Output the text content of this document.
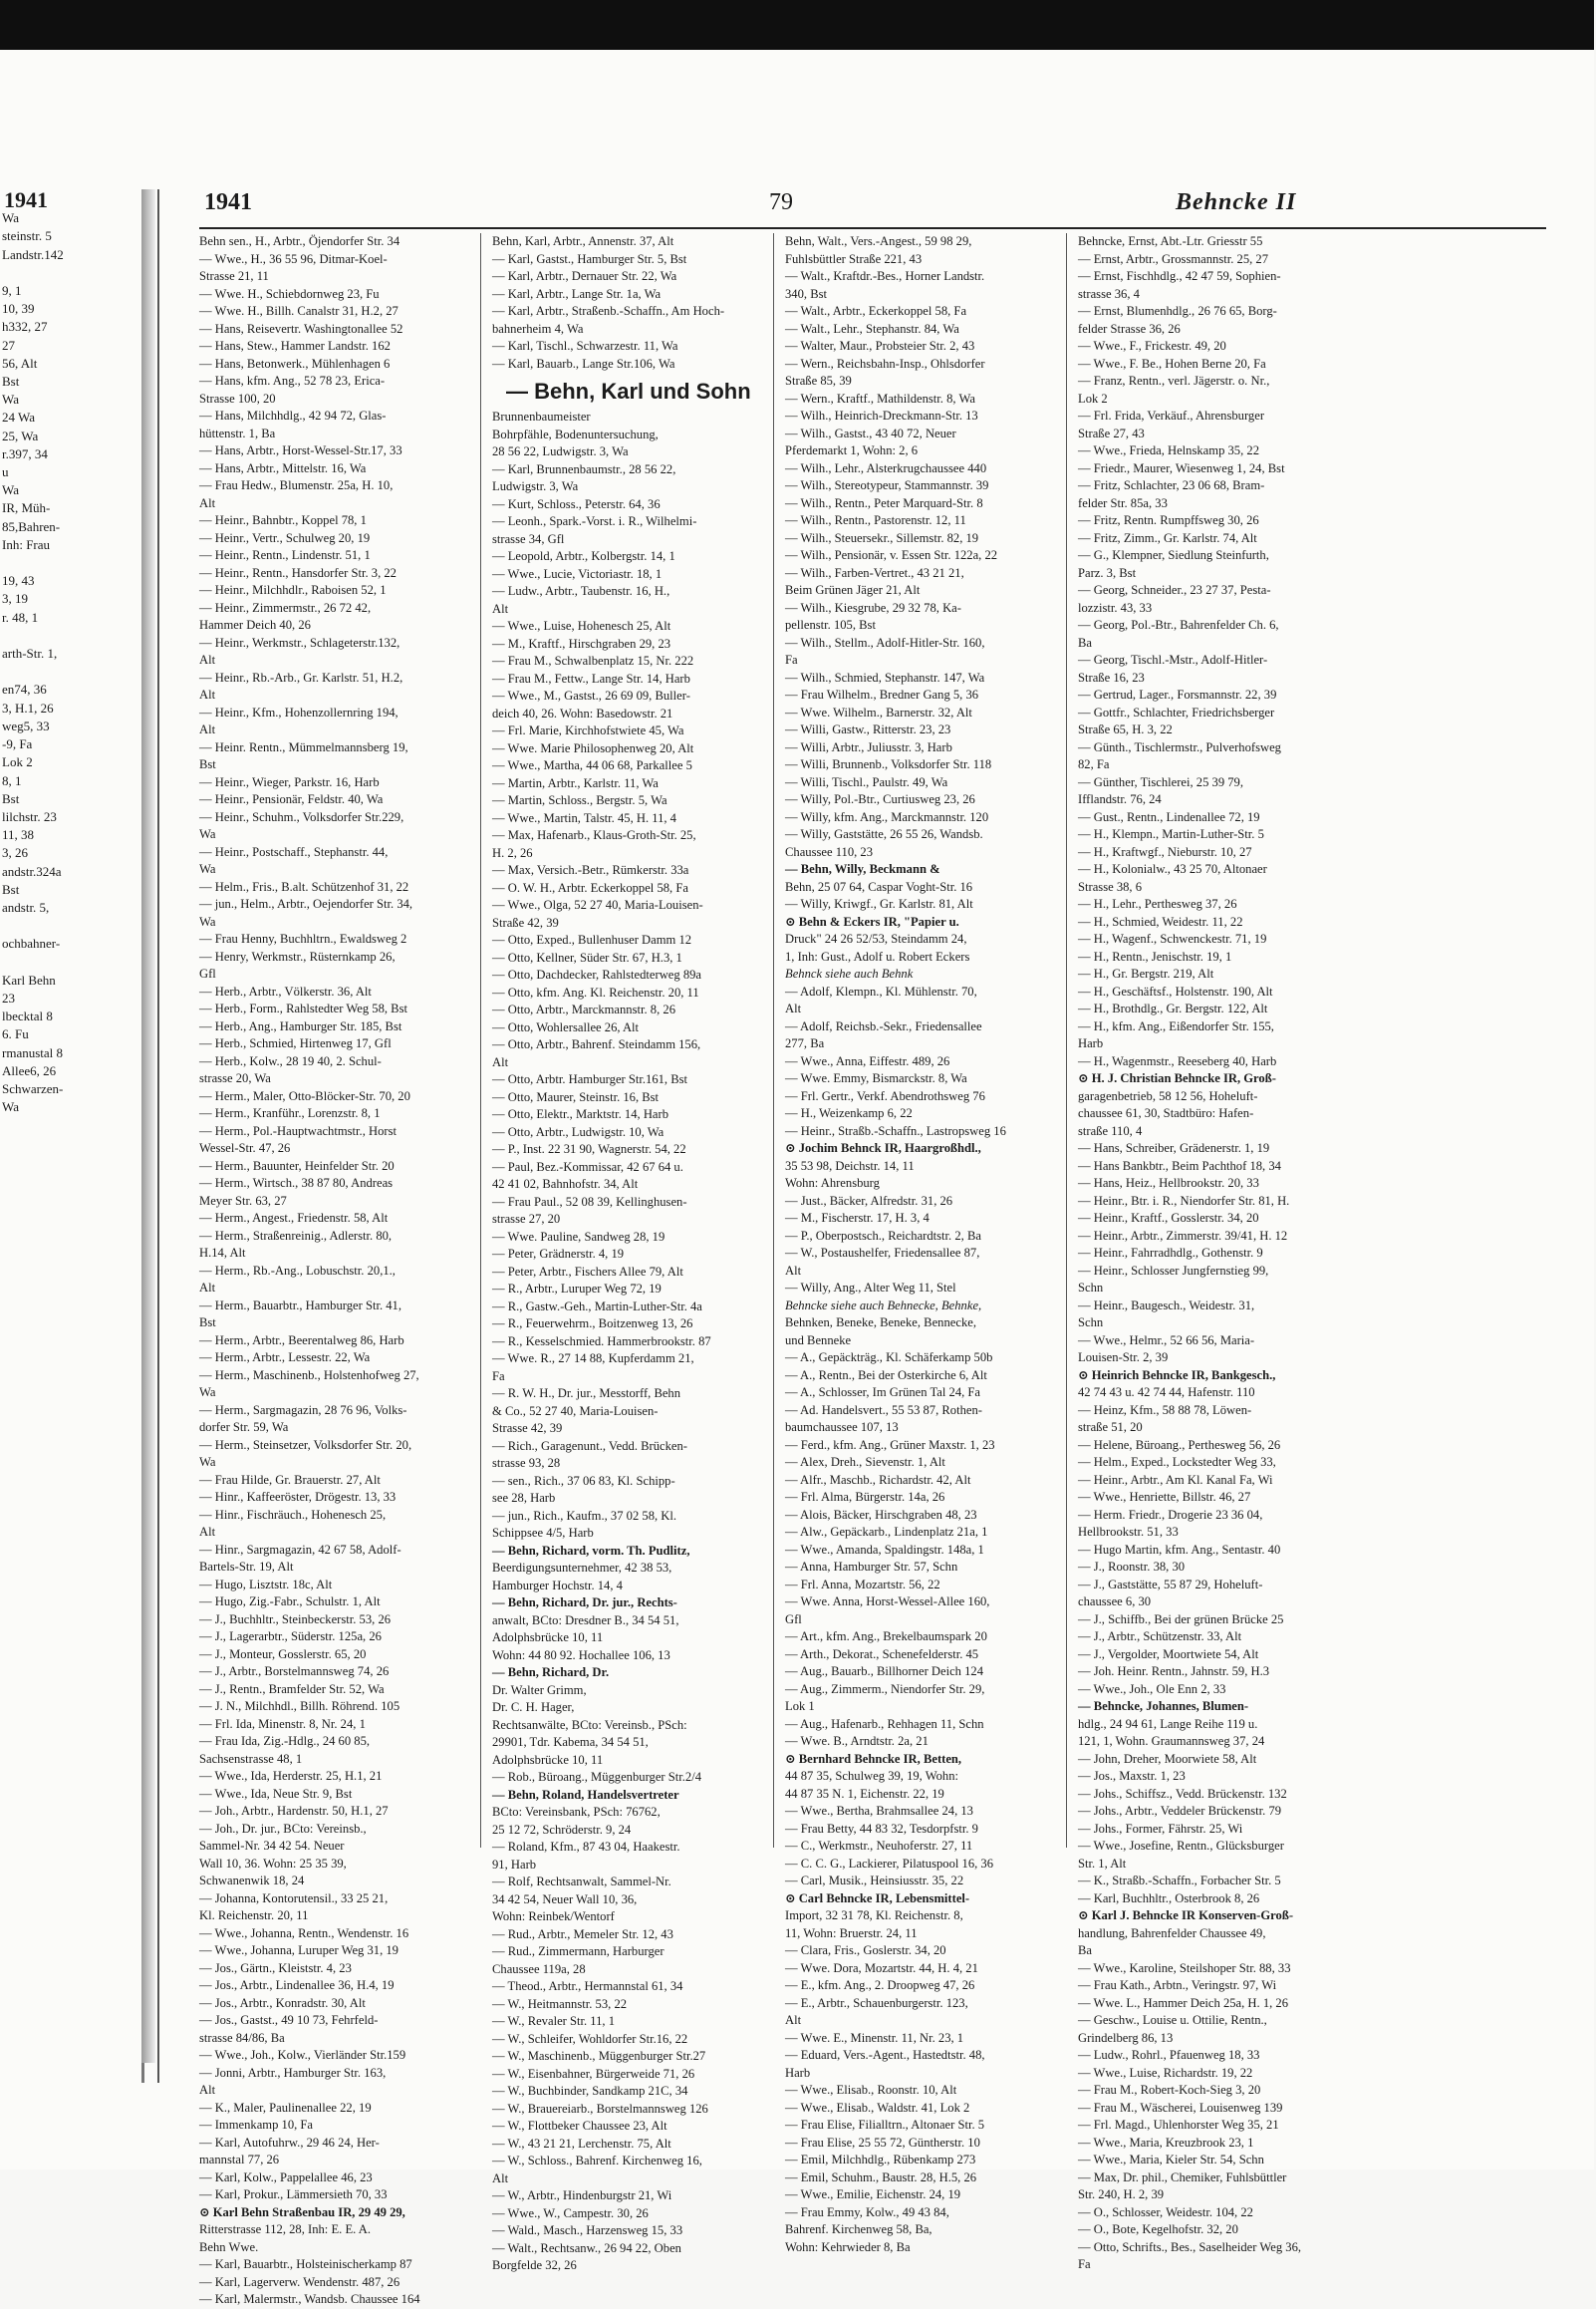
1941
Wa
steinstr. 5
Landstr.142

9, 1
10, 39
h332, 27
27
56, Alt
Bst
Wa
24 Wa
25, Wa
r.397, 34
u
Wa
IR, Müh-
85,Bahren-
Inh: Frau

19, 43
3, 19
r. 48, 1

arth-Str. 1,

en74, 36
3, H.1, 26
weg5, 33
-9, Fa
Lok 2
8, 1
Bst
lilchstr. 23
11, 38
3, 26
andstr.324a
Bst
andstr. 5,

ochbahner-

Karl Behn
23
lbecktal 8
6. Fu
rmanustal 8
Allee6, 26
Schwarzen-
Wa
1941	79	Behncke II
Behn sen., H., Arbtr., Öjendorfer Str. 34
— Wwe., H., 36 55 96, Ditmar-Koel-
Strasse 21, 11
— Wwe. H., Schiebdornweg 23, Fu
— Wwe. H., Billh. Canalstr 31, H.2, 27
— Hans, Reisevertr. Washingtonallee 52
— Hans, Stew., Hammer Landstr. 162
— Hans, Betonwerk., Mühlenhagen 6
— Hans, kfm. Ang., 52 78 23, Erica-
Strasse 100, 20
— Hans, Milchhdlg., 42 94 72, Glas-
hüttenstr. 1, Ba
— Hans, Arbtr., Horst-Wessel-Str.17, 33
— Hans, Arbtr., Mittelstr. 16, Wa
— Frau Hedw., Blumenstr. 25a, H. 10,
Alt
— Heinr., Bahnbtr., Koppel 78, 1
— Heinr., Vertr., Schulweg 20, 19
— Heinr., Rentn., Lindenstr. 51, 1
— Heinr., Rentn., Hansdorfer Str. 3, 22
— Heinr., Milchhdlr., Raboisen 52, 1
— Heinr., Zimmermstr., 26 72 42,
Hammer Deich 40, 26
— Heinr., Werkmstr., Schlageterstr.132,
Alt
— Heinr., Rb.-Arb., Gr. Karlstr. 51, H.2,
Alt
— Heinr., Kfm., Hohenzollernring 194,
Alt
— Heinr. Rentn., Mümmelmannsberg 19,
Bst
— Heinr., Wieger, Parkstr. 16, Harb
— Heinr., Pensionär, Feldstr. 40, Wa
— Heinr., Schuhm., Volksdorfer Str.229,
Wa
— Heinr., Postschaff., Stephanstr. 44,
Wa
— Helm., Fris., B.alt. Schützenhof 31, 22
— jun., Helm., Arbtr., Oejendorfer Str. 34,
Wa
— Frau Henny, Buchhltrn., Ewaldsweg 2
— Henry, Werkmstr., Rüsternkamp 26,
Gfl
— Herb., Arbtr., Völkerstr. 36, Alt
— Herb., Form., Rahlstedter Weg 58, Bst
— Herb., Ang., Hamburger Str. 185, Bst
— Herb., Schmied, Hirtenweg 17, Gfl
— Herb., Kolw., 28 19 40, 2. Schul-
strasse 20, Wa
— Herm., Maler, Otto-Blöcker-Str. 70, 20
— Herm., Kranführ., Lorenzstr. 8, 1
— Herm., Pol.-Hauptwachtmstr., Horst
Wessel-Str. 47, 26
— Herm., Bauunter, Heinfelder Str. 20
— Herm., Wirtsch., 38 87 80, Andreas
Meyer Str. 63, 27
— Herm., Angest., Friedenstr. 58, Alt
— Herm., Straßenreinig., Adlerstr. 80,
H.14, Alt
— Herm., Rb.-Ang., Lobuschstr. 20,1.,
Alt
— Herm., Bauarbtr., Hamburger Str. 41,
Bst
— Herm., Arbtr., Beerentalweg 86, Harb
— Herm., Arbtr., Lessestr. 22, Wa
— Herm., Maschinenb., Holstenhofweg 27,
Wa
— Herm., Sargmagazin, 28 76 96, Volks-
dorfer Str. 59, Wa
— Herm., Steinsetzer, Volksdorfer Str. 20,
Wa
— Frau Hilde, Gr. Brauerstr. 27, Alt
— Hinr., Kaffeeröster, Drögestr. 13, 33
— Hinr., Fischräuch., Hohenesch 25,
Alt
— Hinr., Sargmagazin, 42 67 58, Adolf-
Bartels-Str. 19, Alt
— Hugo, Lisztstr. 18c, Alt
— Hugo, Zig.-Fabr., Schulstr. 1, Alt
— J., Buchhltr., Steinbeckerstr. 53, 26
— J., Lagerarbtr., Süderstr. 125a, 26
— J., Monteur, Gosslerstr. 65, 20
— J., Arbtr., Borstelmannsweg 74, 26
— J., Rentn., Bramfelder Str. 52, Wa
— J. N., Milchhdl., Billh. Röhrend. 105
— Frl. Ida, Minenstr. 8, Nr. 24, 1
— Frau Ida, Zig.-Hdlg., 24 60 85,
Sachsenstrasse 48, 1
— Wwe., Ida, Herderstr. 25, H.1, 21
— Wwe., Ida, Neue Str. 9, Bst
— Joh., Arbtr., Hardenstr. 50, H.1, 27
— Joh., Dr. jur., BCto: Vereinsb.,
Sammel-Nr. 34 42 54. Neuer
Wall 10, 36. Wohn: 25 35 39,
Schwanenwik 18, 24
— Johanna, Kontorutensil., 33 25 21,
Kl. Reichenstr. 20, 11
— Wwe., Johanna, Rentn., Wendenstr. 16
— Wwe., Johanna, Luruper Weg 31, 19
— Jos., Gärtn., Kleiststr. 4, 23
— Jos., Arbtr., Lindenallee 36, H.4, 19
— Jos., Arbtr., Konradstr. 30, Alt
— Jos., Gastst., 49 10 73, Fehrfeld-
strasse 84/86, Ba
— Wwe., Joh., Kolw., Vierländer Str.159
— Jonni, Arbtr., Hamburger Str. 163,
Alt
— K., Maler, Paulinenallee 22, 19
— Immenkamp 10, Fa
— Karl, Autofuhrw., 29 46 24, Her-
mannstal 77, 26
— Karl, Kolw., Pappelallee 46, 23
— Karl, Prokur., Lämmersieth 70, 33
⊙ Karl Behn Straßenbau IR, 29 49 29,
Ritterstrasse 112, 28, Inh: E. E. A.
Behn Wwe.
— Karl, Bauarbtr., Holsteinischerkamp 87
— Karl, Lagerverw. Wendenstr. 487, 26
— Karl, Malermstr., Wandsb. Chaussee 164
Behn, Karl, Arbtr., Annenstr. 37, Alt
— Karl, Gastst., Hamburger Str. 5, Bst
— Karl, Arbtr., Dernauer Str. 22, Wa
— Karl, Arbtr., Lange Str. 1a, Wa
— Karl, Arbtr., Straßenb.-Schaffn., Am Hoch-
bahnerheim 4, Wa
— Karl, Tischl., Schwarzestr. 11, Wa
— Karl, Bauarb., Lange Str.106, Wa
— Behn, Karl und Sohn
Brunnenbaumeister
Bohrpfähle, Bodenuntersuchung,
28 56 22, Ludwigstr. 3, Wa
— Karl, Brunnenbaumstr., 28 56 22,
Ludwigstr. 3, Wa
— Kurt, Schloss., Peterstr. 64, 36
— Leonh., Spark.-Vorst. i. R., Wilhelmi-
strasse 34, Gfl
— Leopold, Arbtr., Kolbergstr. 14, 1
— Wwe., Lucie, Victoriastr. 18, 1
— Ludw., Arbtr., Taubenstr. 16, H.,
Alt
— Wwe., Luise, Hohenesch 25, Alt
— M., Kraftf., Hirschgraben 29, 23
— Frau M., Schwalbenplatz 15, Nr. 222
— Frau M., Fettw., Lange Str. 14, Harb
— Wwe., M., Gastst., 26 69 09, Buller-
deich 40, 26. Wohn: Basedowstr. 21
— Frl. Marie, Kirchhofstwiete 45, Wa
— Wwe. Marie Philosophenweg 20, Alt
— Wwe., Martha, 44 06 68, Parkallee 5
— Martin, Arbtr., Karlstr. 11, Wa
— Martin, Schloss., Bergstr. 5, Wa
— Wwe., Martin, Talstr. 45, H. 11, 4
— Max, Hafenarb., Klaus-Groth-Str. 25,
H. 2, 26
— Max, Versich.-Betr., Rümkerstr. 33a
— O. W. H., Arbtr. Eckerkoppel 58, Fa
— Wwe., Olga, 52 27 40, Maria-Louisen-
Straße 42, 39
— Otto, Exped., Bullenhuser Damm 12
— Otto, Kellner, Süder Str. 67, H.3, 1
— Otto, Dachdecker, Rahlstedterweg 89a
— Otto, kfm. Ang. Kl. Reichenstr. 20, 11
— Otto, Arbtr., Marckmannstr. 8, 26
— Otto, Wohlersallee 26, Alt
— Otto, Arbtr., Bahrenf. Steindamm 156,
Alt
— Otto, Arbtr. Hamburger Str.161, Bst
— Otto, Maurer, Steinstr. 16, Bst
— Otto, Elektr., Marktstr. 14, Harb
— Otto, Arbtr., Ludwigstr. 10, Wa
— P., Inst. 22 31 90, Wagnerstr. 54, 22
— Paul, Bez.-Kommissar, 42 67 64 u.
42 41 02, Bahnhofstr. 34, Alt
— Frau Paul., 52 08 39, Kellinghusen-
strasse 27, 20
— Wwe. Pauline, Sandweg 28, 19
— Peter, Grädnerstr. 4, 19
— Peter, Arbtr., Fischers Allee 79, Alt
— R., Arbtr., Luruper Weg 72, 19
— R., Gastw.-Geh., Martin-Luther-Str. 4a
— R., Feuerwehrm., Boitzenweg 13, 26
— R., Kesselschmied. Hammerbrookstr. 87
— Wwe. R., 27 14 88, Kupferdamm 21,
Fa
— R. W. H., Dr. jur., Messtorff, Behn
& Co., 52 27 40, Maria-Louisen-
Strasse 42, 39
— Rich., Garagenunt., Vedd. Brücken-
strasse 93, 28
— sen., Rich., 37 06 83, Kl. Schipp-
see 28, Harb
— jun., Rich., Kaufm., 37 02 58, Kl.
Schippsee 4/5, Harb
— Behn, Richard, vorm. Th. Pudlitz,
Beerdigungsunternehmer, 42 38 53,
Hamburger Hochstr. 14, 4
— Behn, Richard, Dr. jur., Rechts-
anwalt, BCto: Dresdner B., 34 54 51,
Adolphsbrücke 10, 11
Wohn: 44 80 92. Hochallee 106, 13
— Behn, Richard, Dr.
Dr. Walter Grimm,
Dr. C. H. Hager,
Rechtsanwälte, BCto: Vereinsb., PSch:
29901, Tdr. Kabema, 34 54 51,
Adolphsbrücke 10, 11
— Rob., Büroang., Müggenburger Str.2/4
— Behn, Roland, Handelsvertreter
BCto: Vereinsbank, PSch: 76762,
25 12 72, Schröderstr. 9, 24
— Roland, Kfm., 87 43 04, Haakestr.
91, Harb
— Rolf, Rechtsanwalt, Sammel-Nr.
34 42 54, Neuer Wall 10, 36,
Wohn: Reinbek/Wentorf
— Rud., Arbtr., Memeler Str. 12, 43
— Rud., Zimmermann, Harburger
Chaussee 119a, 28
— Theod., Arbtr., Hermannstal 61, 34
— W., Heitmannstr. 53, 22
— W., Revaler Str. 11, 1
— W., Schleifer, Wohldorfer Str.16, 22
— W., Maschinenb., Müggenburger Str.27
— W., Eisenbahner, Bürgerweide 71, 26
— W., Buchbinder, Sandkamp 21C, 34
— W., Brauereiarb., Borstelmannsweg 126
— W., Flottbeker Chaussee 23, Alt
— W., 43 21 21, Lerchenstr. 75, Alt
— W., Schloss., Bahrenf. Kirchenweg 16,
Alt
— W., Arbtr., Hindenburgstr 21, Wi
— Wwe., W., Campestr. 30, 26
— Wald., Masch., Harzensweg 15, 33
— Walt., Rechtsanw., 26 94 22, Oben
Borgfelde 32, 26
Behn, Walt., Vers.-Angest., 59 98 29,
Fuhlsbüttler Straße 221, 43
— Walt., Kraftdr.-Bes., Horner Landstr.
340, Bst
— Walt., Arbtr., Eckerkoppel 58, Fa
— Walt., Lehr., Stephanstr. 84, Wa
— Walter, Maur., Probsteier Str. 2, 43
— Wern., Reichsbahn-Insp., Ohlsdorfer
Straße 85, 39
— Wern., Kraftf., Mathildenstr. 8, Wa
— Wilh., Heinrich-Dreckmann-Str. 13
— Wilh., Gastst., 43 40 72, Neuer
Pferdemarkt 1, Wohn: 2, 6
— Wilh., Lehr., Alsterkrugchaussee 440
— Wilh., Stereotypeur, Stammannstr. 39
— Wilh., Rentn., Peter Marquard-Str. 8
— Wilh., Rentn., Pastorenstr. 12, 11
— Wilh., Steuersekr., Sillemstr. 82, 19
— Wilh., Pensionär, v. Essen Str. 122a, 22
— Wilh., Farben-Vertret., 43 21 21,
Beim Grünen Jäger 21, Alt
— Wilh., Kiesgrube, 29 32 78, Ka-
pellenstr. 105, Bst
— Wilh., Stellm., Adolf-Hitler-Str. 160,
Fa
— Wilh., Schmied, Stephanstr. 147, Wa
— Frau Wilhelm., Bredner Gang 5, 36
— Wwe. Wilhelm., Barnerstr. 32, Alt
— Willi, Gastw., Ritterstr. 23, 23
— Willi, Arbtr., Juliusstr. 3, Harb
— Willi, Brunnenb., Volksdorfer Str. 118
— Willi, Tischl., Paulstr. 49, Wa
— Willy, Pol.-Btr., Curtiusweg 23, 26
— Willy, kfm. Ang., Marckmannstr. 120
— Willy, Gaststätte, 26 55 26, Wandsb.
Chaussee 110, 23
— Behn, Willy, Beckmann &
Behn, 25 07 64, Caspar Voght-Str. 16
— Willy, Kriwgf., Gr. Karlstr. 81, Alt
⊙ Behn & Eckers IR, "Papier u.
Druck" 24 26 52/53, Steindamm 24,
1, Inh: Gust., Adolf u. Robert Eckers
Behnck siehe auch Behnk
— Adolf, Klempn., Kl. Mühlenstr. 70,
Alt
— Adolf, Reichsb.-Sekr., Friedensallee
277, Ba
— Wwe., Anna, Eiffestr. 489, 26
— Wwe. Emmy, Bismarckstr. 8, Wa
— Frl. Gertr., Verkf. Abendrothsweg 76
— H., Weizenkamp 6, 22
— Heinr., Straßb.-Schaffn., Lastropsweg 16
⊙ Jochim Behnck IR, Haargroßhdl.,
35 53 98, Deichstr. 14, 11
Wohn: Ahrensburg
— Just., Bäcker, Alfredstr. 31, 26
— M., Fischerstr. 17, H. 3, 4
— P., Oberpostsch., Reichardtstr. 2, Ba
— W., Postaushelfer, Friedensallee 87,
Alt
— Willy, Ang., Alter Weg 11, Stel
Behncke siehe auch Behnecke, Behnke,
Behnken, Beneke, Beneke, Bennecke,
und Benneke
— A., Gepäckträg., Kl. Schäferkamp 50b
— A., Rentn., Bei der Osterkirche 6, Alt
— A., Schlosser, Im Grünen Tal 24, Fa
— Ad. Handelsvert., 55 53 87, Rothen-
baumchaussee 107, 13
— Ferd., kfm. Ang., Grüner Maxstr. 1, 23
— Alex, Dreh., Sievenstr. 1, Alt
— Alfr., Maschb., Richardstr. 42, Alt
— Frl. Alma, Bürgerstr. 14a, 26
— Alois, Bäcker, Hirschgraben 48, 23
— Alw., Gepäckarb., Lindenplatz 21a, 1
— Wwe., Amanda, Spaldingstr. 148a, 1
— Anna, Hamburger Str. 57, Schn
— Frl. Anna, Mozartstr. 56, 22
— Wwe. Anna, Horst-Wessel-Allee 160,
Gfl
— Art., kfm. Ang., Brekelbaumspark 20
— Arth., Dekorat., Schenefelderstr. 45
— Aug., Bauarb., Billhorner Deich 124
— Aug., Zimmerm., Niendorfer Str. 29,
Lok 1
— Aug., Hafenarb., Rehhagen 11, Schn
— Wwe. B., Arndtstr. 2a, 21
⊙ Bernhard Behncke IR, Betten,
44 87 35, Schulweg 39, 19, Wohn:
44 87 35 N. 1, Eichenstr. 22, 19
— Wwe., Bertha, Brahmsallee 24, 13
— Frau Betty, 44 83 32, Tesdorpfstr. 9
— C., Werkmstr., Neuhoferstr. 27, 11
— C. C. G., Lackierer, Pilatuspool 16, 36
— Carl, Musik., Heinsiusstr. 35, 22
⊙ Carl Behncke IR, Lebensmittel-
Import, 32 31 78, Kl. Reichenstr. 8,
11, Wohn: Bruerstr. 24, 11
— Clara, Fris., Goslerstr. 34, 20
— Wwe. Dora, Mozartstr. 44, H. 4, 21
— E., kfm. Ang., 2. Droopweg 47, 26
— E., Arbtr., Schauenburgerstr. 123,
Alt
— Wwe. E., Minenstr. 11, Nr. 23, 1
— Eduard, Vers.-Agent., Hastedtstr. 48,
Harb
— Wwe., Elisab., Roonstr. 10, Alt
— Wwe., Elisab., Waldstr. 41, Lok 2
— Frau Elise, Filialltrn., Altonaer Str. 5
— Frau Elise, 25 55 72, Güntherstr. 10
— Emil, Milchhdlg., Rübenkamp 273
— Emil, Schuhm., Baustr. 28, H.5, 26
— Wwe., Emilie, Eichenstr. 24, 19
— Frau Emmy, Kolw., 49 43 84,
Bahrenf. Kirchenweg 58, Ba,
Wohn: Kehrwieder 8, Ba
Behncke, Ernst, Abt.-Ltr. Griesstr 55
— Ernst, Arbtr., Grossmannstr. 25, 27
— Ernst, Fischhdlg., 42 47 59, Sophien-
strasse 36, 4
— Ernst, Blumenhdlg., 26 76 65, Borg-
felder Strasse 36, 26
— Wwe., F., Frickestr. 49, 20
— Wwe., F. Be., Hohen Berne 20, Fa
— Franz, Rentn., verl. Jägerstr. o. Nr.,
Lok 2
— Frl. Frida, Verkäuf., Ahrensburger
Straße 27, 43
— Wwe., Frieda, Helnskamp 35, 22
— Friedr., Maurer, Wiesenweg 1, 24, Bst
— Fritz, Schlachter, 23 06 68, Bram-
felder Str. 85a, 33
— Fritz, Rentn. Rumpffsweg 30, 26
— Fritz, Zimm., Gr. Karlstr. 74, Alt
— G., Klempner, Siedlung Steinfurth,
Parz. 3, Bst
— Georg, Schneider., 23 27 37, Pesta-
lozzistr. 43, 33
— Georg, Pol.-Btr., Bahrenfelder Ch. 6,
Ba
— Georg, Tischl.-Mstr., Adolf-Hitler-
Straße 16, 23
— Gertrud, Lager., Forsmannstr. 22, 39
— Gottfr., Schlachter, Friedrichsberger
Straße 65, H. 3, 22
— Günth., Tischlermstr., Pulverhofsweg
82, Fa
— Günther, Tischlerei, 25 39 79,
Ifflandstr. 76, 24
— Gust., Rentn., Lindenallee 72, 19
— H., Klempn., Martin-Luther-Str. 5
— H., Kraftwgf., Nieburstr. 10, 27
— H., Kolonialw., 43 25 70, Altonaer
Strasse 38, 6
— H., Lehr., Perthesweg 37, 26
— H., Schmied, Weidestr. 11, 22
— H., Wagenf., Schwenckestr. 71, 19
— H., Rentn., Jenischstr. 19, 1
— H., Gr. Bergstr. 219, Alt
— H., Geschäftsf., Holstenstr. 190, Alt
— H., Brothdlg., Gr. Bergstr. 122, Alt
— H., kfm. Ang., Eißendorfer Str. 155,
Harb
— H., Wagenmstr., Reeseberg 40, Harb
⊙ H. J. Christian Behncke IR, Groß-
garagenbetrieb, 58 12 56, Hoheluft-
chaussee 61, 30, Stadtbüro: Hafen-
straße 110, 4
— Hans, Schreiber, Grädenerstr. 1, 19
— Hans Bankbtr., Beim Pachthof 18, 34
— Hans, Heiz., Hellbrookstr. 20, 33
— Heinr., Btr. i. R., Niendorfer Str. 81, H.
— Heinr., Kraftf., Gosslerstr. 34, 20
— Heinr., Arbtr., Zimmerstr. 39/41, H. 12
— Heinr., Fahrradhdlg., Gothenstr. 9
— Heinr., Schlosser Jungfernstieg 99,
Schn
— Heinr., Baugesch., Weidestr. 31,
Schn
— Wwe., Helmr., 52 66 56, Maria-
Louisen-Str. 2, 39
⊙ Heinrich Behncke IR, Bankgesch.,
42 74 43 u. 42 74 44, Hafenstr. 110
— Heinz, Kfm., 58 88 78, Löwen-
straße 51, 20
— Helene, Büroang., Perthesweg 56, 26
— Helm., Exped., Lockstedter Weg 33,
— Heinr., Arbtr., Am Kl. Kanal Fa, Wi
— Wwe., Henriette, Billstr. 46, 27
— Herm. Friedr., Drogerie 23 36 04,
Hellbrookstr. 51, 33
— Hugo Martin, kfm. Ang., Sentastr. 40
— J., Roonstr. 38, 30
— J., Gaststätte, 55 87 29, Hoheluft-
chaussee 6, 30
— J., Schiffb., Bei der grünen Brücke 25
— J., Arbtr., Schützenstr. 33, Alt
— J., Vergolder, Moortwiete 54, Alt
— Joh. Heinr. Rentn., Jahnstr. 59, H.3
— Wwe., Joh., Ole Enn 2, 33
— Behncke, Johannes, Blumen-
hdlg., 24 94 61, Lange Reihe 119 u.
121, 1, Wohn. Graumannsweg 37, 24
— John, Dreher, Moorwiete 58, Alt
— Jos., Maxstr. 1, 23
— Johs., Schiffsz., Vedd. Brückenstr. 132
— Johs., Arbtr., Veddeler Brückenstr. 79
— Johs., Former, Fährstr. 25, Wi
— Wwe., Josefine, Rentn., Glücksburger
Str. 1, Alt
— K., Straßb.-Schaffn., Forbacher Str. 5
— Karl, Buchhltr., Osterbrook 8, 26
⊙ Karl J. Behncke IR Konserven-Groß-
handlung, Bahrenfelder Chaussee 49,
Ba
— Wwe., Karoline, Steilshoper Str. 88, 33
— Frau Kath., Arbtn., Veringstr. 97, Wi
— Wwe. L., Hammer Deich 25a, H. 1, 26
— Geschw., Louise u. Ottilie, Rentn.,
Grindelberg 86, 13
— Ludw., Rohrl., Pfauenweg 18, 33
— Wwe., Luise, Richardstr. 19, 22
— Frau M., Robert-Koch-Sieg 3, 20
— Frau M., Wäscherei, Louisenweg 139
— Frl. Magd., Uhlenhorster Weg 35, 21
— Wwe., Maria, Kreuzbrook 23, 1
— Wwe., Maria, Kieler Str. 54, Schn
— Max, Dr. phil., Chemiker, Fuhlsbüttler
Str. 240, H. 2, 39
— O., Schlosser, Weidestr. 104, 22
— O., Bote, Kegelhofstr. 32, 20
— Otto, Schrifts., Bes., Saselheider Weg 36,
Fa
